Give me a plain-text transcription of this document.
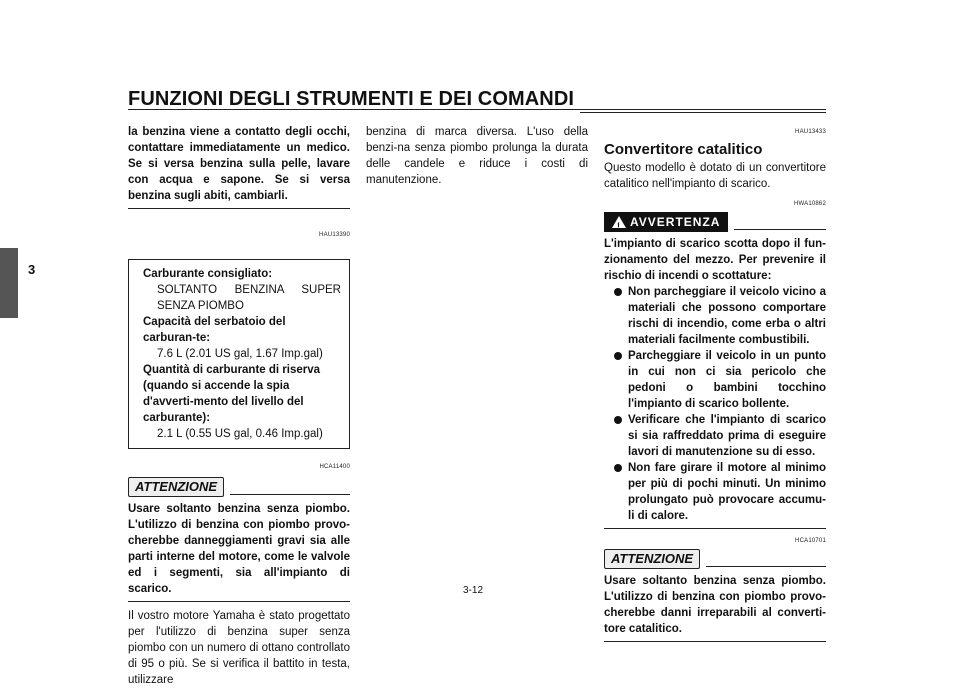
FUNZIONI DEGLI STRUMENTI E DEI COMANDI
3
la benzina viene a contatto degli occhi, contattare immediatamente un medico. Se si versa benzina sulla pelle, lavare con acqua e sapone. Se si versa benzina sugli abiti, cambiarli.
HAU13390

Carburante consigliato:

SOLTANTO BENZINA SUPER SENZA PIOMBO

Capacità del serbatoio del carburan-te:

7.6 L (2.01 US gal, 1.67 Imp.gal)

Quantità di carburante di riserva (quando si accende la spia d'avverti-mento del livello del carburante):

2.1 L (0.55 US gal, 0.46 Imp.gal)

HCA11400
ATTENZIONE
Usare soltanto benzina senza piombo. L'utilizzo di benzina con piombo provo-cherebbe danneggiamenti gravi sia alle parti interne del motore, come le valvole ed i segmenti, sia all'impianto di scarico.
Il vostro motore Yamaha è stato progettato per l'utilizzo di benzina super senza piombo con un numero di ottano controllato di 95 o più. Se si verifica il battito in testa, utilizzare
benzina di marca diversa. L'uso della benzi-na senza piombo prolunga la durata delle candele e riduce i costi di manutenzione.
HAU13433
Convertitore catalitico
Questo modello è dotato di un convertitore catalitico nell'impianto di scarico.
HWA10862
! AVVERTENZA
L'impianto di scarico scotta dopo il fun-zionamento del mezzo. Per prevenire il rischio di incendi o scottature:
Non parcheggiare il veicolo vicino a materiali che possono comportare rischi di incendio, come erba o altri materiali facilmente combustibili.
Parcheggiare il veicolo in un punto in cui non ci sia pericolo che pedoni o bambini tocchino l'impianto di scarico bollente.
Verificare che l'impianto di scarico si sia raffreddato prima di eseguire lavori di manutenzione su di esso.
Non fare girare il motore al minimo per più di pochi minuti. Un minimo prolungato può provocare accumu-li di calore.
HCA10701
ATTENZIONE
Usare soltanto benzina senza piombo. L'utilizzo di benzina con piombo provo-cherebbe danni irreparabili al converti-tore catalitico.
3-12
